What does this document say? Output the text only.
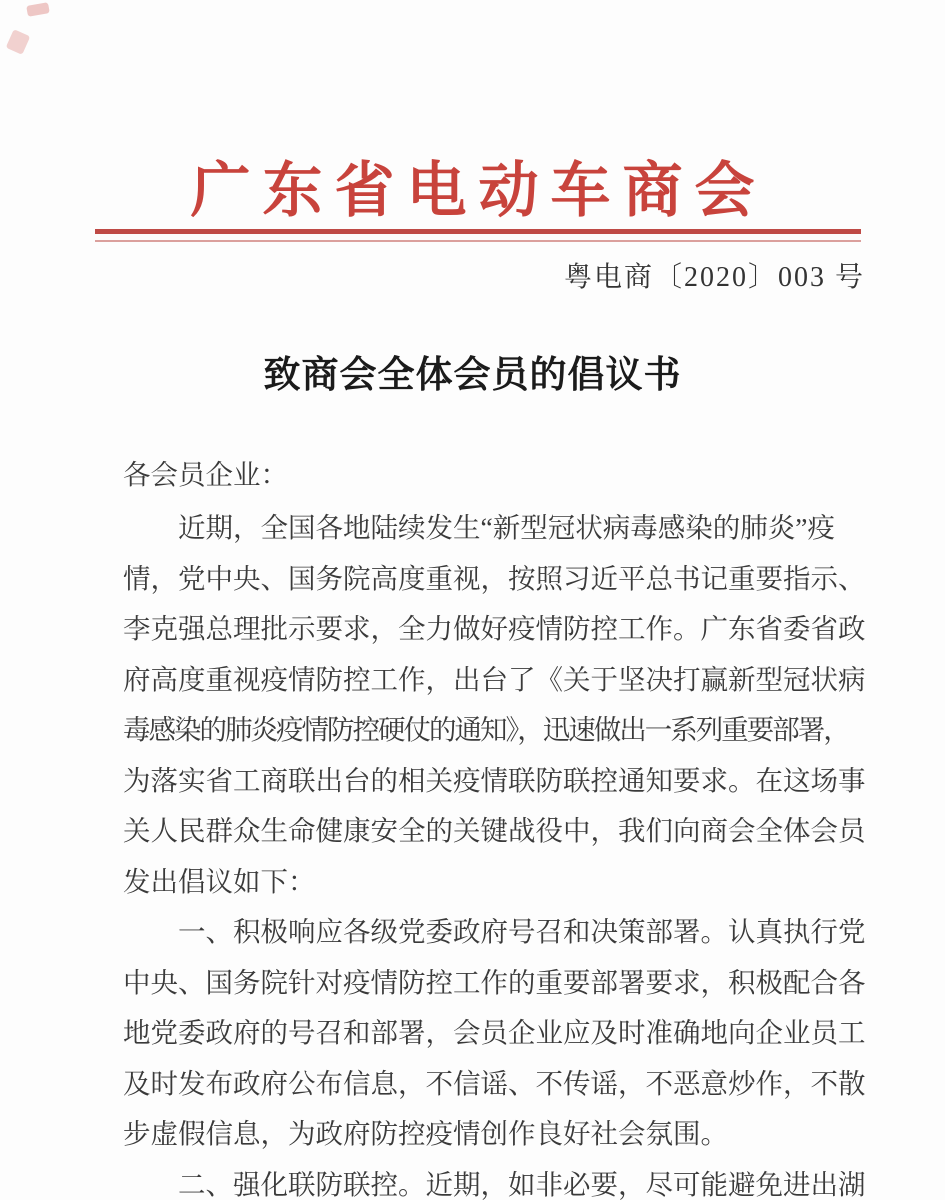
广东省电动车商会
粤电商〔2020〕003 号
致商会全体会员的倡议书
各会员企业：
近期，全国各地陆续发生“新型冠状病毒感染的肺炎”疫
情，党中央、国务院高度重视，按照习近平总书记重要指示、
李克强总理批示要求，全力做好疫情防控工作。广东省委省政
府高度重视疫情防控工作，出台了《关于坚决打赢新型冠状病
毒感染的肺炎疫情防控硬仗的通知》，迅速做出一系列重要部署，
为落实省工商联出台的相关疫情联防联控通知要求。在这场事
关人民群众生命健康安全的关键战役中，我们向商会全体会员
发出倡议如下：
一、积极响应各级党委政府号召和决策部署。认真执行党
中央、国务院针对疫情防控工作的重要部署要求，积极配合各
地党委政府的号召和部署，会员企业应及时准确地向企业员工
及时发布政府公布信息，不信谣、不传谣，不恶意炒作，不散
步虚假信息，为政府防控疫情创作良好社会氛围。
二、强化联防联控。近期，如非必要，尽可能避免进出湖
